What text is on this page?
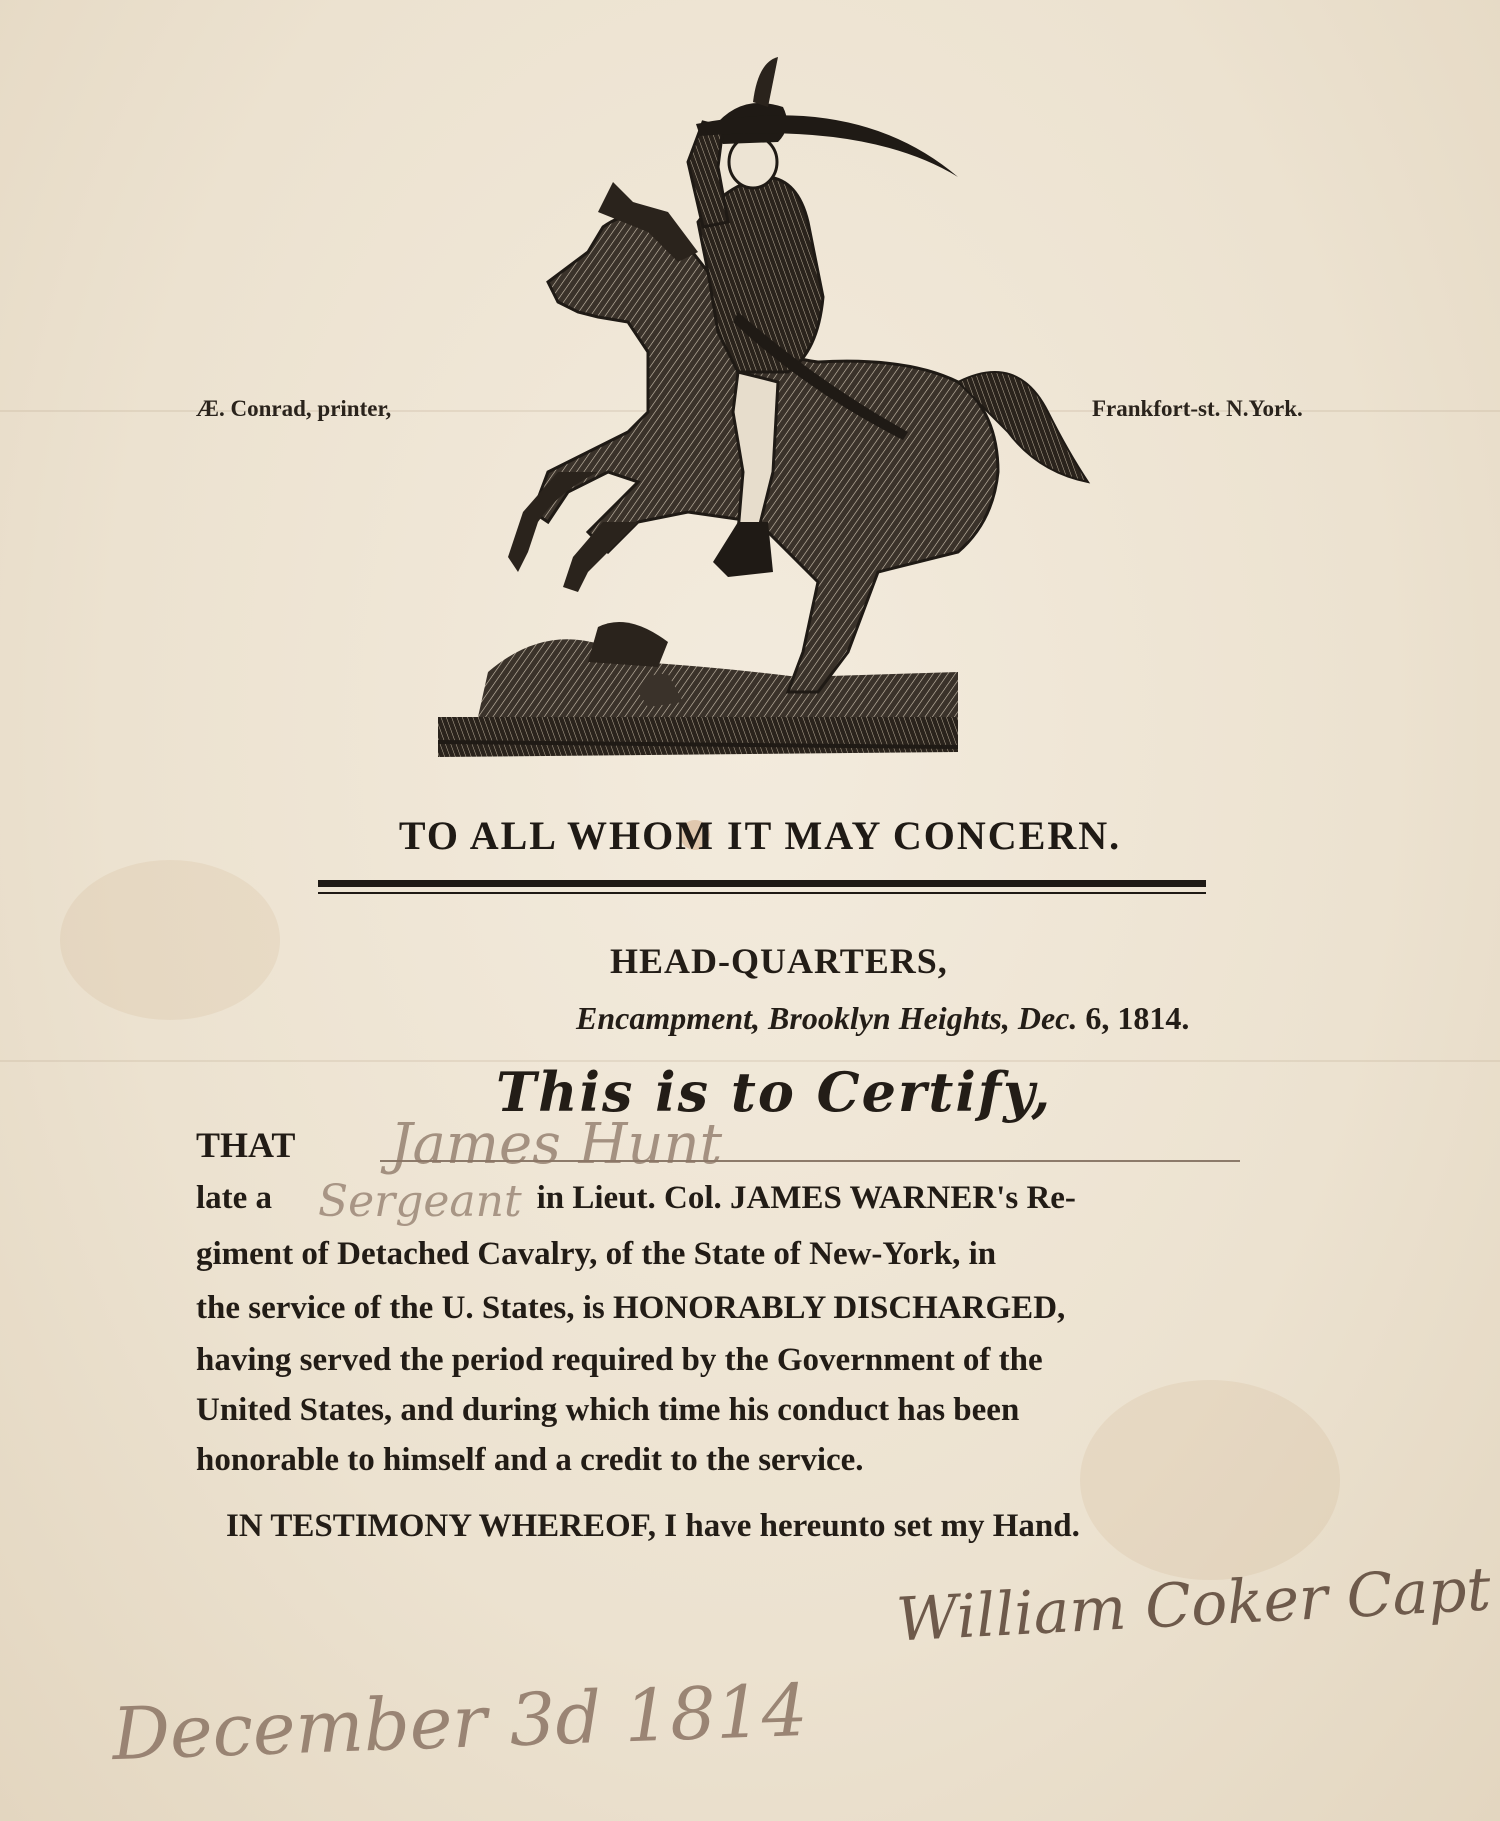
Æ. Conrad, printer,	Frankfort-st. N.York.
TO ALL WHOM IT MAY CONCERN.
HEAD-QUARTERS,
Encampment, Brooklyn Heights, Dec. 6, 1814.
This is to Certify,
THAT	James Hunt
late a	in Lieut. Col. JAMES WARNER's Re-
Sergeant
giment of Detached Cavalry, of the State of New-York, in
the service of the U. States, is HONORABLY DISCHARGED,
having served the period required by the Government of the
United States, and during which time his conduct has been
honorable to himself and a credit to the service.
IN TESTIMONY WHEREOF, I have hereunto set my Hand.
William Coker Capt
December 3d 1814
